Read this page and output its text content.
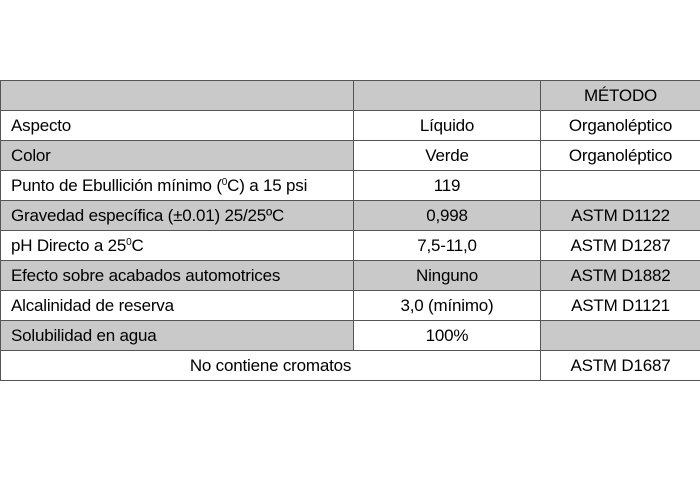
		MÉTODO
Aspecto	Líquido	Organoléptico
Color	Verde	Organoléptico
Punto de Ebullición mínimo ($^0$C) a 15 psi	119	
Gravedad específica (±0.01) 25/25ºC	0,998	ASTM D1122
pH Directo a $25^0C$	7,5-11,0	ASTM D1287
Efecto sobre acabados automotrices	Ninguno	ASTM D1882
Alcalinidad de reserva	3,0 (mínimo)	ASTM D1121
Solubilidad en agua	100%	
No contiene cromatos		ASTM D1687
